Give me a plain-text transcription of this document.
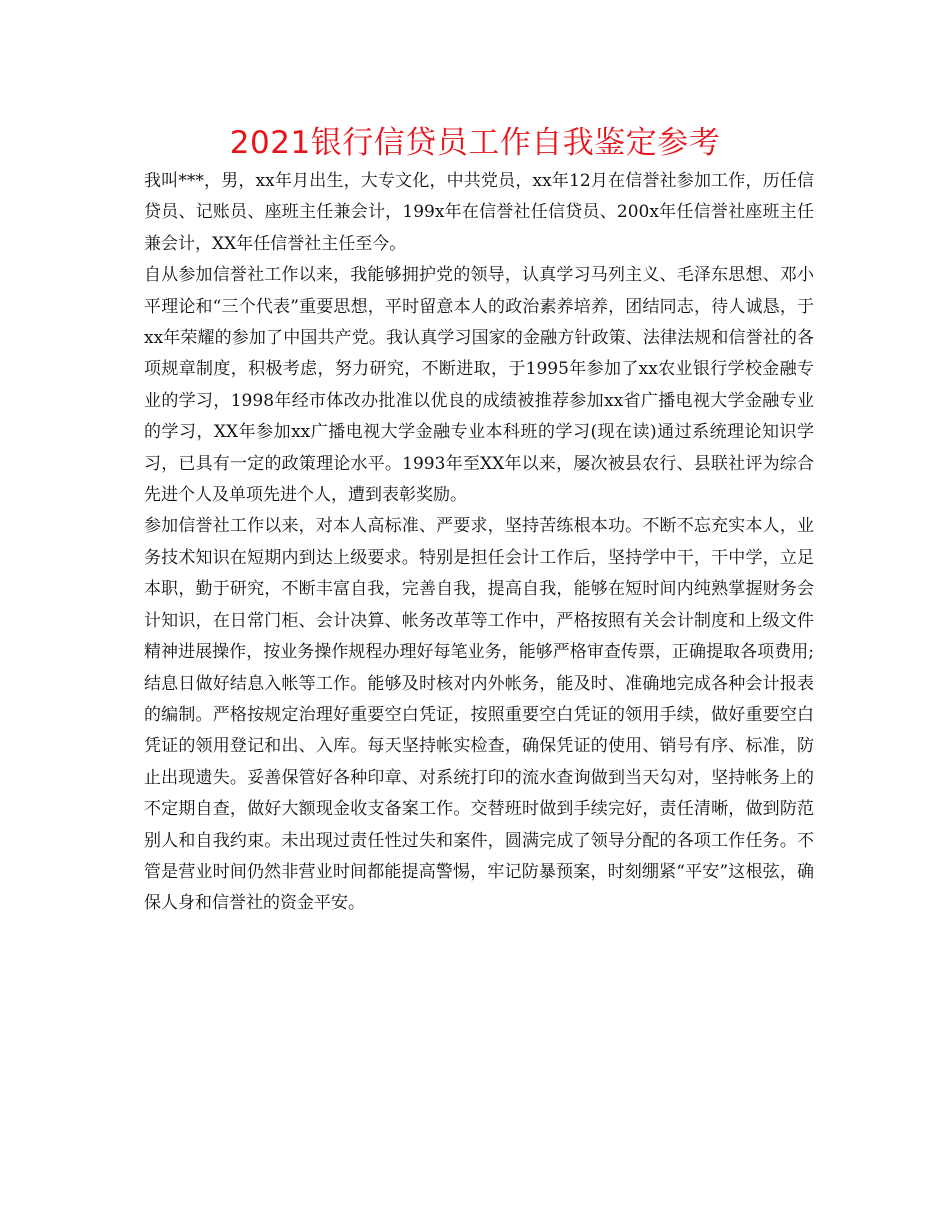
2021银行信贷员工作自我鉴定参考

我叫***，男，xx年月出生，大专文化，中共党员，xx年12月在信誉社参加工作，历任信贷员、记账员、座班主任兼会计，199x年在信誉社任信贷员、200x年任信誉社座班主任兼会计，XX年任信誉社主任至今。

自从参加信誉社工作以来，我能够拥护党的领导，认真学习马列主义、毛泽东思想、邓小平理论和“三个代表”重要思想，平时留意本人的政治素养培养，团结同志，待人诚恳，于xx年荣耀的参加了中国共产党。我认真学习国家的金融方针政策、法律法规和信誉社的各项规章制度，积极考虑，努力研究，不断进取，于1995年参加了xx农业银行学校金融专业的学习，1998年经市体改办批准以优良的成绩被推荐参加xx省广播电视大学金融专业的学习，XX年参加xx广播电视大学金融专业本科班的学习(现在读)通过系统理论知识学习，已具有一定的政策理论水平。1993年至XX年以来，屡次被县农行、县联社评为综合先进个人及单项先进个人，遭到表彰奖励。

参加信誉社工作以来，对本人高标准、严要求，坚持苦练根本功。不断不忘充实本人，业务技术知识在短期内到达上级要求。特别是担任会计工作后，坚持学中干，干中学，立足本职，勤于研究，不断丰富自我，完善自我，提高自我，能够在短时间内纯熟掌握财务会计知识，在日常门柜、会计决算、帐务改革等工作中，严格按照有关会计制度和上级文件精神进展操作，按业务操作规程办理好每笔业务，能够严格审查传票，正确提取各项费用;结息日做好结息入帐等工作。能够及时核对内外帐务，能及时、准确地完成各种会计报表的编制。严格按规定治理好重要空白凭证，按照重要空白凭证的领用手续，做好重要空白凭证的领用登记和出、入库。每天坚持帐实检查，确保凭证的使用、销号有序、标准，防止出现遗失。妥善保管好各种印章、对系统打印的流水查询做到当天勾对，坚持帐务上的不定期自查，做好大额现金收支备案工作。交替班时做到手续完好，责任清晰，做到防范别人和自我约束。未出现过责任性过失和案件，圆满完成了领导分配的各项工作任务。不管是营业时间仍然非营业时间都能提高警惕，牢记防暴预案，时刻绷紧“平安”这根弦，确保人身和信誉社的资金平安。
